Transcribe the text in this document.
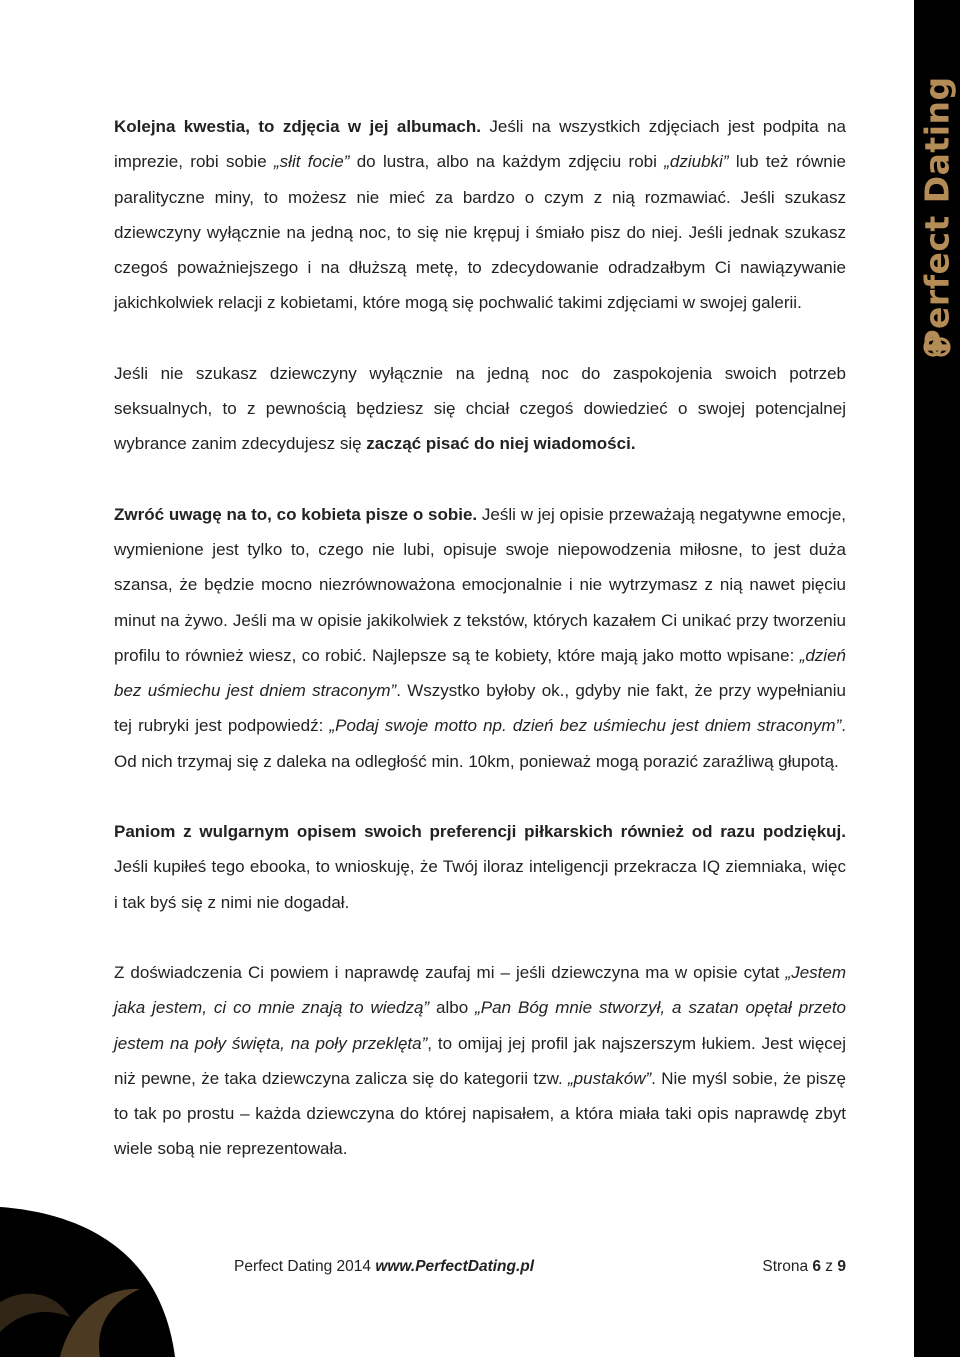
Perfect Dating

Kolejna kwestia, to zdjęcia w jej albumach. Jeśli na wszystkich zdjęciach jest podpita na imprezie, robi sobie „słit focie” do lustra, albo na każdym zdjęciu robi „dziubki” lub też równie paralityczne miny, to możesz nie mieć za bardzo o czym z nią rozmawiać. Jeśli szukasz dziewczyny wyłącznie na jedną noc, to się nie krępuj i śmiało pisz do niej. Jeśli jednak szukasz czegoś poważniejszego i na dłuższą metę, to zdecydowanie odradzałbym Ci nawiązywanie jakichkolwiek relacji z kobietami, które mogą się pochwalić takimi zdjęciami w swojej galerii.

Jeśli nie szukasz dziewczyny wyłącznie na jedną noc do zaspokojenia swoich potrzeb seksualnych, to z pewnością będziesz się chciał czegoś dowiedzieć o swojej potencjalnej wybrance zanim zdecydujesz się zacząć pisać do niej wiadomości.

Zwróć uwagę na to, co kobieta pisze o sobie. Jeśli w jej opisie przeważają negatywne emocje, wymienione jest tylko to, czego nie lubi, opisuje swoje niepowodzenia miłosne, to jest duża szansa, że będzie mocno niezrównoważona emocjonalnie i nie wytrzymasz z nią nawet pięciu minut na żywo. Jeśli ma w opisie jakikolwiek z tekstów, których kazałem Ci unikać przy tworzeniu profilu to również wiesz, co robić. Najlepsze są te kobiety, które mają jako motto wpisane: „dzień bez uśmiechu jest dniem straconym”. Wszystko byłoby ok., gdyby nie fakt, że przy wypełnianiu tej rubryki jest podpowiedź: „Podaj swoje motto np. dzień bez uśmiechu jest dniem straconym”. Od nich trzymaj się z daleka na odległość min. 10km, ponieważ mogą porazić zaraźliwą głupotą.

Paniom z wulgarnym opisem swoich preferencji piłkarskich również od razu podziękuj. Jeśli kupiłeś tego ebooka, to wnioskuję, że Twój iloraz inteligencji przekracza IQ ziemniaka, więc i tak byś się z nimi nie dogadał.

Z doświadczenia Ci powiem i naprawdę zaufaj mi – jeśli dziewczyna ma w opisie cytat „Jestem jaka jestem, ci co mnie znają to wiedzą” albo „Pan Bóg mnie stworzył, a szatan opętał przeto jestem na poły święta, na poły przeklęta”, to omijaj jej profil jak najszerszym łukiem. Jest więcej niż pewne, że taka dziewczyna zalicza się do kategorii tzw. „pustaków”. Nie myśl sobie, że piszę to tak po prostu – każda dziewczyna do której napisałem, a która miała taki opis naprawdę zbyt wiele sobą nie reprezentowała.

Perfect Dating 2014 www.PerfectDating.pl	Strona 6 z 9
